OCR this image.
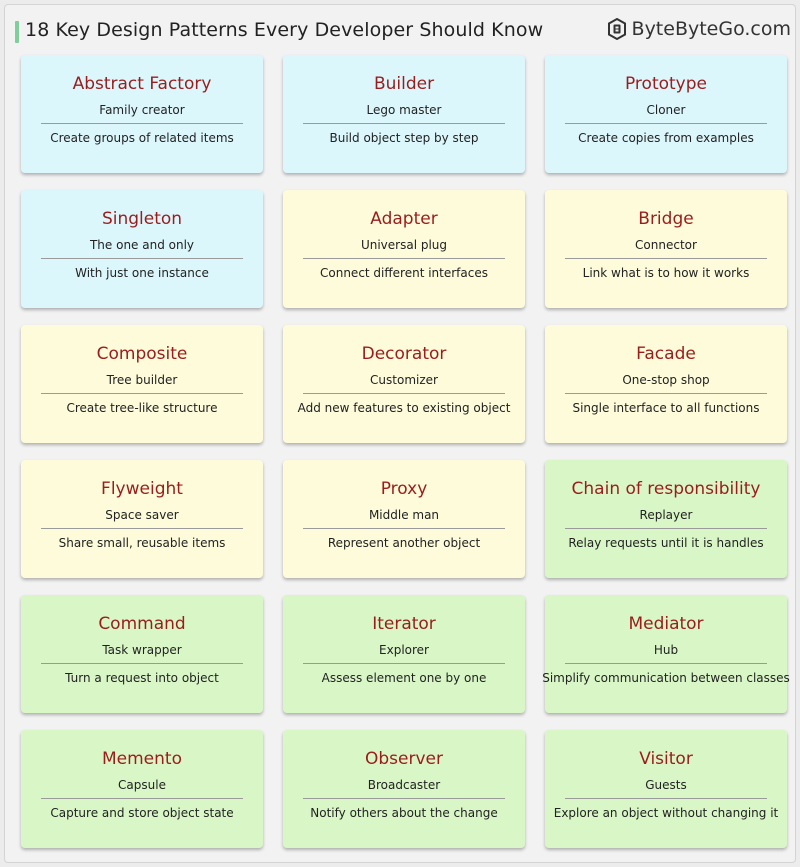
18 Key Design Patterns Every Developer Should Know	ByteByteGo.com
Abstract Factory
Family creator
Create groups of related items
Builder
Lego master
Build object step by step
Prototype
Cloner
Create copies from examples
Singleton
The one and only
With just one instance
Adapter
Universal plug
Connect different interfaces
Bridge
Connector
Link what is to how it works
Composite
Tree builder
Create tree-like structure
Decorator
Customizer
Add new features to existing object
Facade
One-stop shop
Single interface to all functions
Flyweight
Space saver
Share small, reusable items
Proxy
Middle man
Represent another object
Chain of responsibility
Replayer
Relay requests until it is handles
Command
Task wrapper
Turn a request into object
Iterator
Explorer
Assess element one by one
Mediator
Hub
Simplify communication between classes
Memento
Capsule
Capture and store object state
Observer
Broadcaster
Notify others about the change
Visitor
Guests
Explore an object without changing it
